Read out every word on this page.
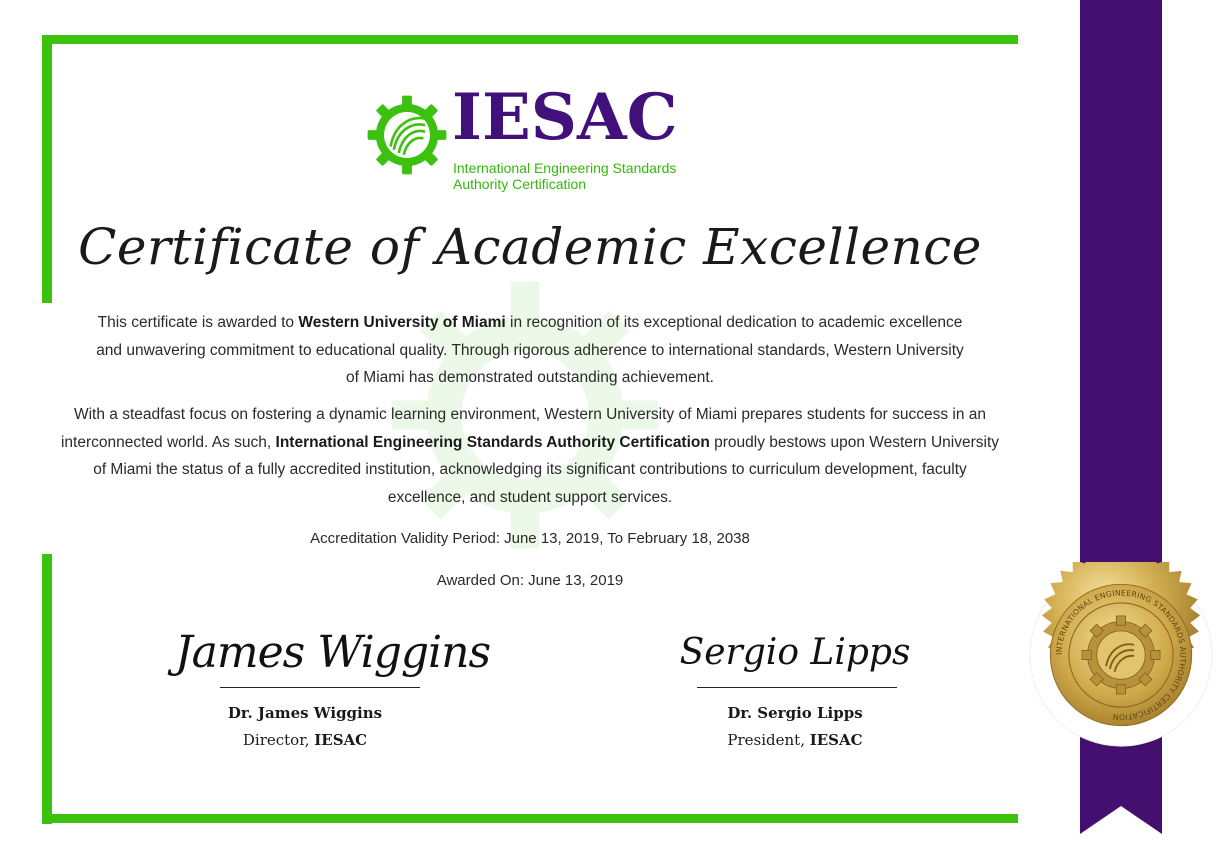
IESAC
International Engineering Standards
Authority Certification
Certificate of Academic Excellence
This certificate is awarded to Western University of Miami in recognition of its exceptional dedication to academic excellence and unwavering commitment to educational quality. Through rigorous adherence to international standards, Western University of Miami has demonstrated outstanding achievement.
With a steadfast focus on fostering a dynamic learning environment, Western University of Miami prepares students for success in an interconnected world. As such, International Engineering Standards Authority Certification proudly bestows upon Western University of Miami the status of a fully accredited institution, acknowledging its significant contributions to curriculum development, faculty excellence, and student support services.
Accreditation Validity Period: June 13, 2019, To February 18, 2038
Awarded On: June 13, 2019
James Wiggins
Dr. James Wiggins
Director, IESAC
Sergio Lipps
Dr. Sergio Lipps
President, IESAC
INTERNATIONAL ENGINEERING STANDARDS AUTHORITY CERTIFICATION
